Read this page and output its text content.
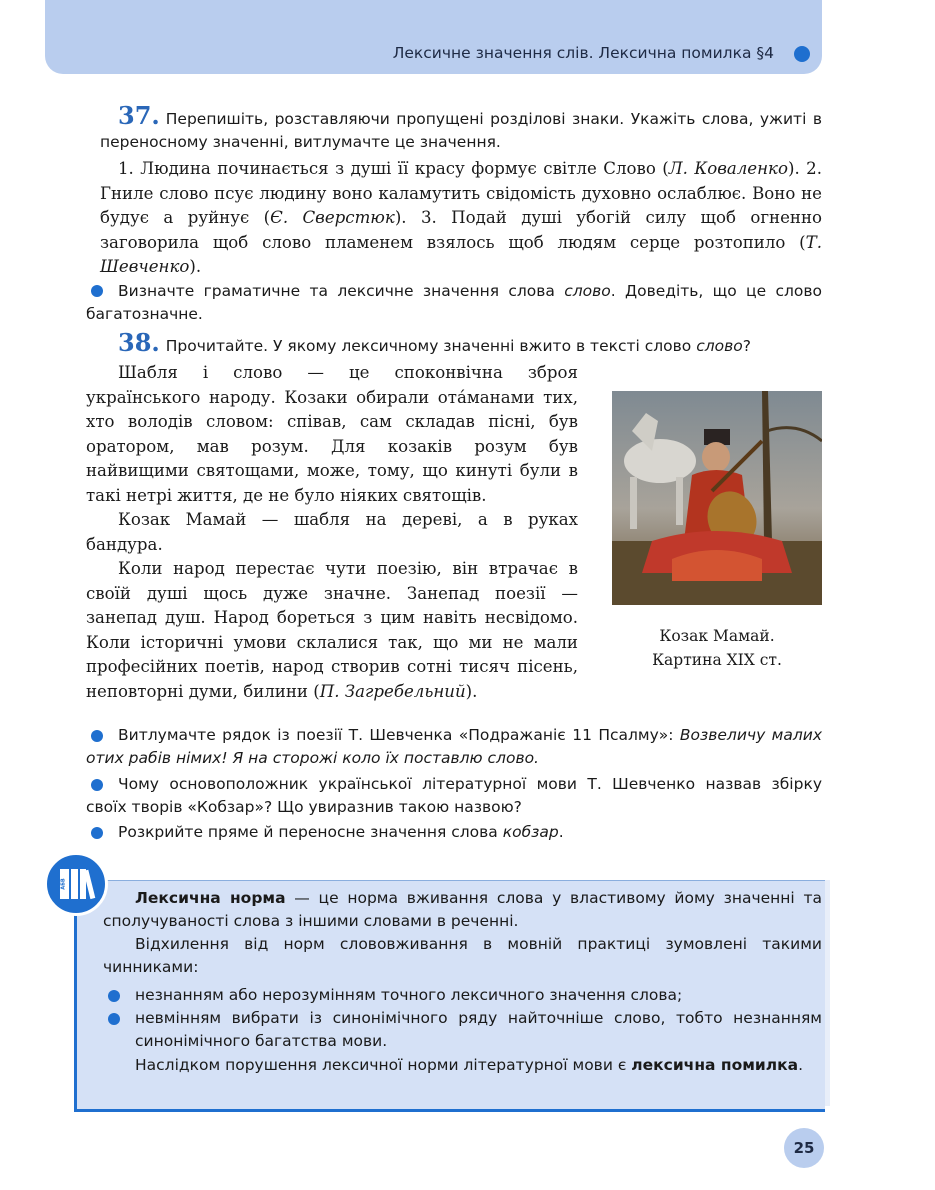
Лексичне значення слів. Лексична помилка §4

37. Перепишіть, розставляючи пропущені розділові знаки. Укажіть слова, ужиті в переносному значенні, витлумачте це значення.

1. Людина починається з душі її красу формує світле Слово (Л. Коваленко). 2. Гниле слово псує людину воно каламутить свідомість духовно ослаблює. Воно не будує а руйнує (Є. Сверстюк). 3. Подай душі убогій силу щоб огненно заговорила щоб слово пламенем взялось щоб людям серце розтопило (Т. Шевченко).

Визначте граматичне та лексичне значення слова слово. Доведіть, що це слово багатозначне.

38. Прочитайте. У якому лексичному значенні вжито в тексті слово слово?

Шабля і слово — це споконвічна зброя українського народу. Козаки обирали ота́манами тих, хто володів словом: співав, сам складав пісні, був оратором, мав розум. Для козаків розум був найвищими святощами, може, тому, що кинуті були в такі нетрі життя, де не було ніяких святощів.

Козак Мамай — шабля на дереві, а в руках бандура.

Коли народ перестає чути поезію, він втрачає в своїй душі щось дуже значне. Занепад поезії — занепад душ. Народ бореться з цим навіть несвідомо. Коли історичні умови склалися так, що ми не мали професійних поетів, народ створив сотні тисяч пісень, неповторні думи, билини (П. Загребельний).

Козак Мамай.
Картина XIX ст.

Витлумачте рядок із поезії Т. Шевченка «Подражаніє 11 Псалму»: Возвеличу малих отих рабів німих! Я на сторожі коло їх поставлю слово.

Чому основоположник української літературної мови Т. Шевченко назвав збірку своїх творів «Кобзар»? Що увиразнив такою назвою?

Розкрийте пряме й переносне значення слова кобзар.

АБВ

Лексична норма — це норма вживання слова у властивому йому значенні та сполучуваності слова з іншими словами в реченні.

Відхилення від норм слововживання в мовній практиці зумовлені такими чинниками:

незнанням або нерозумінням точного лексичного значення слова;

невмінням вибрати із синонімічного ряду найточніше слово, тобто незнанням синонімічного багатства мови.

Наслідком порушення лексичної норми літературної мови є лексична помилка.

25
